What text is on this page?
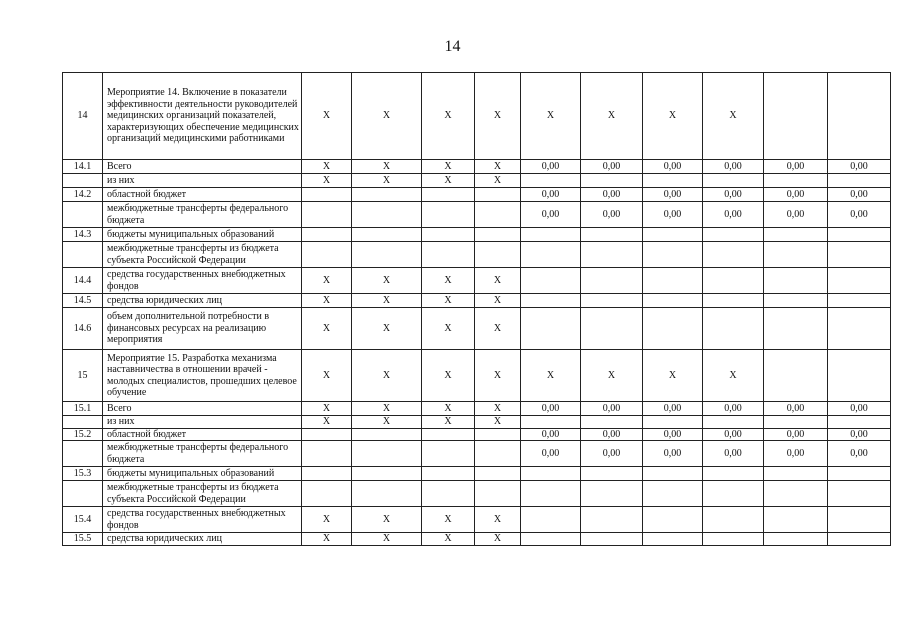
14
14	Мероприятие 14. Включение в показатели эффективности деятельности руководителей медицинских организаций показателей, характеризующих обеспечение медицинских организаций медицинскими работниками	X	X	X	X	X	X	X	X		
14.1	Всего	X	X	X	X	0,00	0,00	0,00	0,00	0,00	0,00
	из них	X	X	X	X						
14.2	областной бюджет					0,00	0,00	0,00	0,00	0,00	0,00
	межбюджетные трансферты федерального бюджета					0,00	0,00	0,00	0,00	0,00	0,00
14.3	бюджеты муниципальных образований										
	межбюджетные трансферты из бюджета субъекта Российской Федерации										
14.4	средства государственных внебюджетных фондов	X	X	X	X						
14.5	средства юридических лиц	X	X	X	X						
14.6	объем дополнительной потребности в финансовых ресурсах на реализацию мероприятия	X	X	X	X						
15	Мероприятие 15. Разработка механизма наставничества в отношении врачей - молодых специалистов, прошедших целевое обучение	X	X	X	X	X	X	X	X		
15.1	Всего	X	X	X	X	0,00	0,00	0,00	0,00	0,00	0,00
	из них	X	X	X	X						
15.2	областной бюджет					0,00	0,00	0,00	0,00	0,00	0,00
	межбюджетные трансферты федерального бюджета					0,00	0,00	0,00	0,00	0,00	0,00
15.3	бюджеты муниципальных образований										
	межбюджетные трансферты из бюджета субъекта Российской Федерации										
15.4	средства государственных внебюджетных фондов	X	X	X	X						
15.5	средства юридических лиц	X	X	X	X						
